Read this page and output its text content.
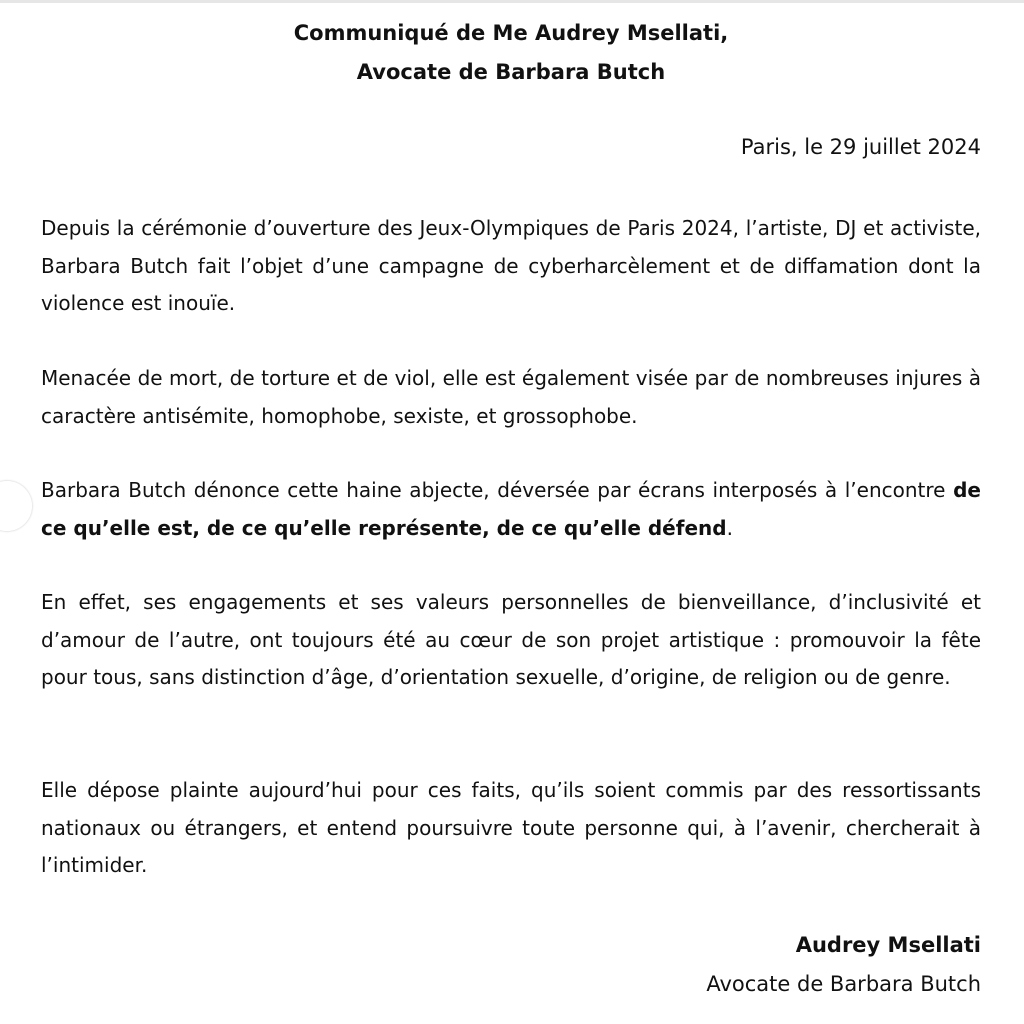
Communiqué de Me Audrey Msellati,
Avocate de Barbara Butch
Paris, le 29 juillet 2024
Depuis la cérémonie d’ouverture des Jeux-Olympiques de Paris 2024, l’artiste, DJ et activiste, Barbara Butch fait l’objet d’une campagne de cyberharcèlement et de diffamation dont la violence est inouïe.
Menacée de mort, de torture et de viol, elle est également visée par de nombreuses injures à caractère antisémite, homophobe, sexiste, et grossophobe.
Barbara Butch dénonce cette haine abjecte, déversée par écrans interposés à l’encontre de ce qu’elle est, de ce qu’elle représente, de ce qu’elle défend.
En effet, ses engagements et ses valeurs personnelles de bienveillance, d’inclusivité et d’amour de l’autre, ont toujours été au cœur de son projet artistique : promouvoir la fête pour tous, sans distinction d’âge, d’orientation sexuelle, d’origine, de religion ou de genre.
Elle dépose plainte aujourd’hui pour ces faits, qu’ils soient commis par des ressortissants nationaux ou étrangers, et entend poursuivre toute personne qui, à l’avenir, chercherait à l’intimider.
Audrey Msellati
Avocate de Barbara Butch
